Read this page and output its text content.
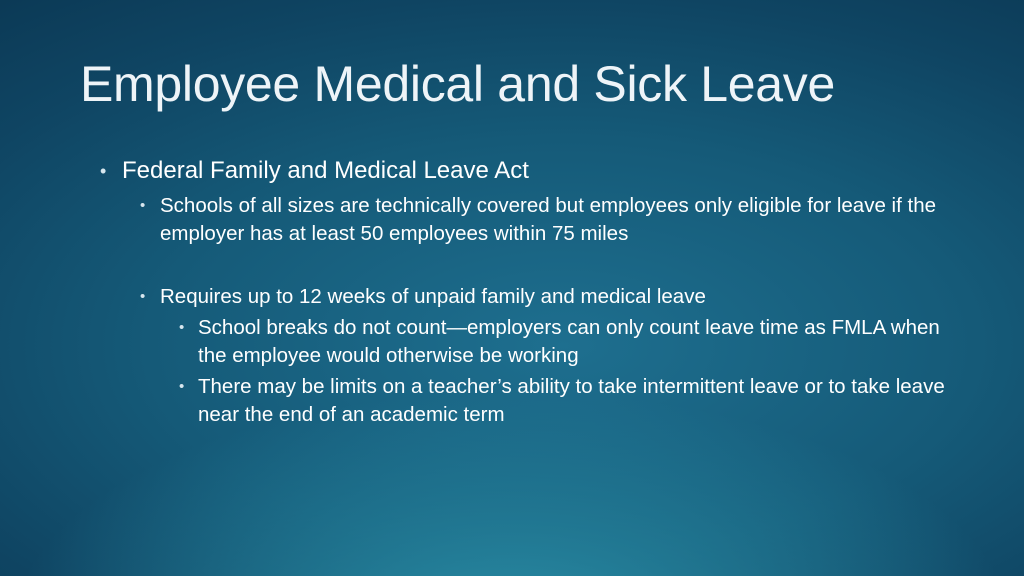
Employee Medical and Sick Leave
• Federal Family and Medical Leave Act
• Schools of all sizes are technically covered but employees only eligible for leave if the employer has at least 50 employees within 75 miles
• Requires up to 12 weeks of unpaid family and medical leave
• School breaks do not count—employers can only count leave time as FMLA when the employee would otherwise be working
• There may be limits on a teacher’s ability to take intermittent leave or to take leave near the end of an academic term
